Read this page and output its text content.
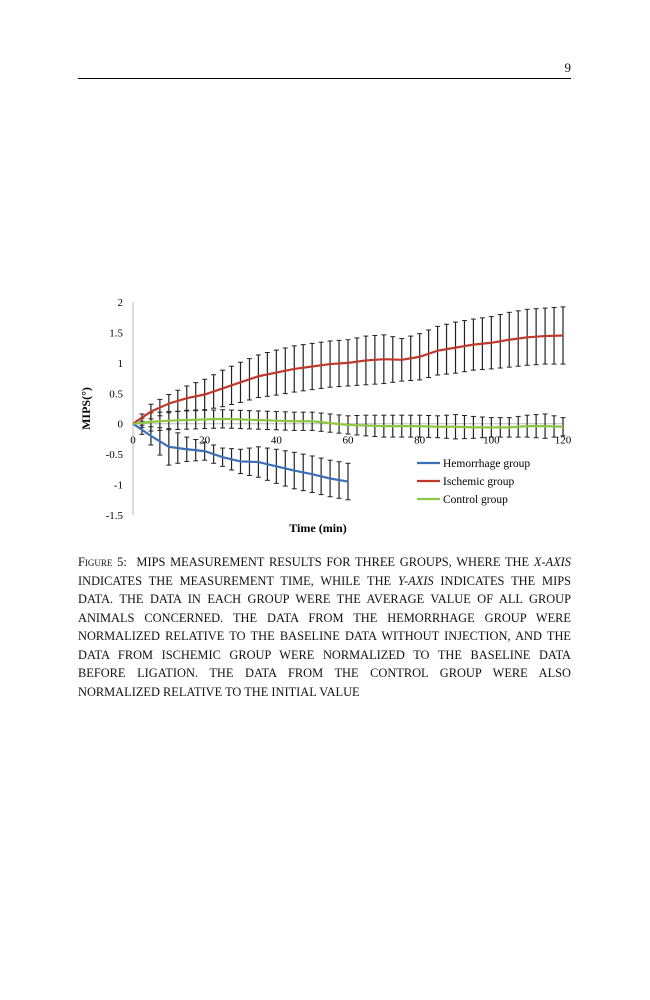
9
2
1.5
1
0.5
0
-0.5
-1
-1.5
0	20	40	60	80	100	120
Time (min)
MIPS(°)
Hemorrhage group
Ischemic group
Control group
Figure 5: MIPS MEASUREMENT RESULTS FOR THREE GROUPS, WHERE THE X-AXIS INDICATES THE MEASUREMENT TIME, WHILE THE Y-AXIS INDICATES THE MIPS DATA. THE DATA IN EACH GROUP WERE THE AVERAGE VALUE OF ALL GROUP ANIMALS CONCERNED. THE DATA FROM THE HEMORRHAGE GROUP WERE NORMALIZED RELATIVE TO THE BASELINE DATA WITHOUT INJECTION, AND THE DATA FROM ISCHEMIC GROUP WERE NORMALIZED TO THE BASELINE DATA BEFORE LIGATION. THE DATA FROM THE CONTROL GROUP WERE ALSO NORMALIZED RELATIVE TO THE INITIAL VALUE
